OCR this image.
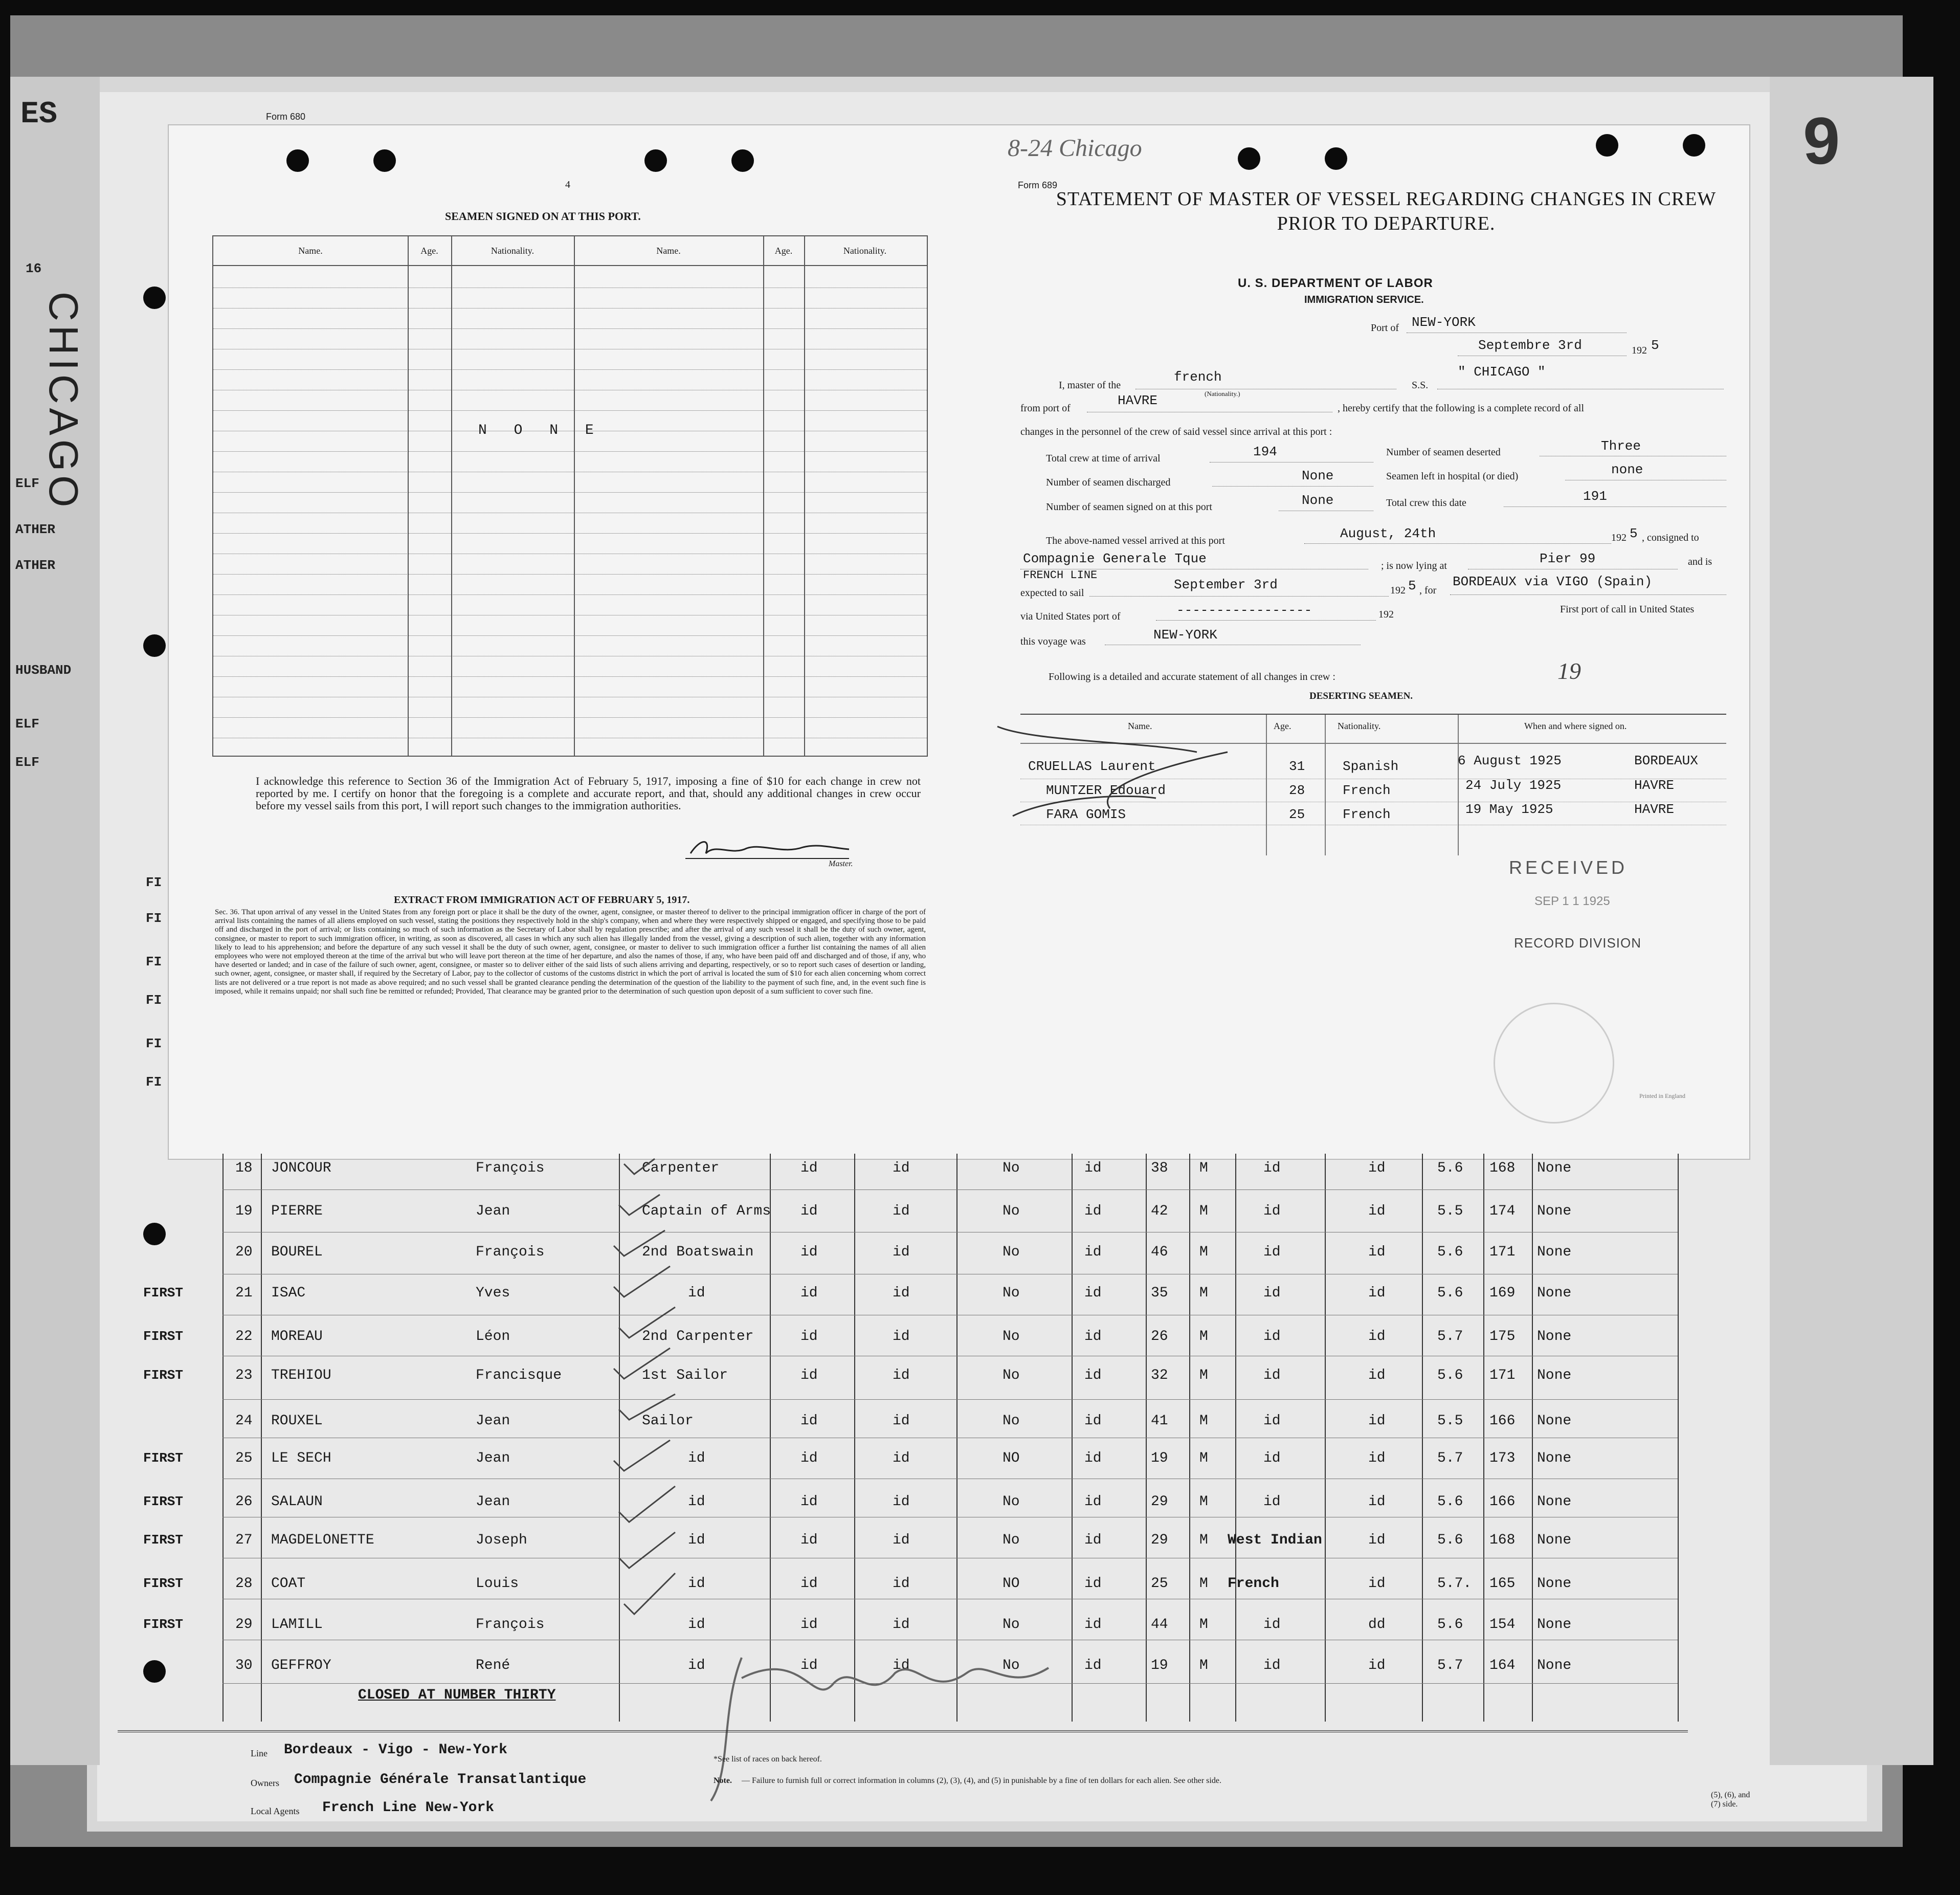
9
CHICAGO
ES
16
ELF
ATHER
ATHER
HUSBAND
ELF
ELF
FI
FI
FI
FI
FI
FI
Form 680
Form 689
4
8-24 Chicago
SEAMEN SIGNED ON AT THIS PORT.
Name.	Age.	Nationality.	Name.	Age.	Nationality.
N O N E
I acknowledge this reference to Section 36 of the Immigration Act of February 5, 1917, imposing a fine of $10 for each change in crew not reported by me. I certify on honor that the foregoing is a complete and accurate report, and that, should any additional changes in crew occur before my vessel sails from this port, I will report such changes to the immigration authorities.
Master.
EXTRACT FROM IMMIGRATION ACT OF FEBRUARY 5, 1917.
Sec. 36. That upon arrival of any vessel in the United States from any foreign port or place it shall be the duty of the owner, agent, consignee, or master thereof to deliver to the principal immigration officer in charge of the port of arrival lists containing the names of all aliens employed on such vessel, stating the positions they respectively hold in the ship's company, when and where they were respectively shipped or engaged, and specifying those to be paid off and discharged in the port of arrival; or lists containing so much of such information as the Secretary of Labor shall by regulation prescribe; and after the arrival of any such vessel it shall be the duty of such owner, agent, consignee, or master to report to such immigration officer, in writing, as soon as discovered, all cases in which any such alien has illegally landed from the vessel, giving a description of such alien, together with any information likely to lead to his apprehension; and before the departure of any such vessel it shall be the duty of such owner, agent, consignee, or master to deliver to such immigration officer a further list containing the names of all alien employees who were not employed thereon at the time of the arrival but who will leave port thereon at the time of her departure, and also the names of those, if any, who have been paid off and discharged and of those, if any, who have deserted or landed; and in case of the failure of such owner, agent, consignee, or master so to deliver either of the said lists of such aliens arriving and departing, respectively, or so to report such cases of desertion or landing, such owner, agent, consignee, or master shall, if required by the Secretary of Labor, pay to the collector of customs of the customs district in which the port of arrival is located the sum of $10 for each alien concerning whom correct lists are not delivered or a true report is not made as above required; and no such vessel shall be granted clearance pending the determination of the question of the liability to the payment of such fine, and, in the event such fine is imposed, while it remains unpaid; nor shall such fine be remitted or refunded; Provided, That clearance may be granted prior to the determination of such question upon deposit of a sum sufficient to cover such fine.
STATEMENT OF MASTER OF VESSEL REGARDING CHANGES IN CREW PRIOR TO DEPARTURE.
U. S. DEPARTMENT OF LABOR
IMMIGRATION SERVICE.
Port of NEW-YORK
Septembre 3rd	192 5
I, master of the
french
(Nationality.)
S.S.
" CHICAGO "
from port of	HAVRE	, hereby certify that the following is a complete record of all
changes in the personnel of the crew of said vessel since arrival at this port :
Total crew at time of arrival	194	Number of seamen deserted	Three
Number of seamen discharged	None	Seamen left in hospital (or died)	none
Number of seamen signed on at this port	None	Total crew this date	191
The above-named vessel arrived at this port	August, 24th	192 5 , consigned to
Compagnie Generale Tque	; is now lying at	Pier 99	and is
expected to sail
FRENCH LINE
September 3rd	192 5 , for
BORDEAUX via VIGO (Spain)
via United States port of	-----------------	192	First port of call in United States
this voyage was	NEW-YORK
Following is a detailed and accurate statement of all changes in crew :	19
DESERTING SEAMEN.
Name.	Age.	Nationality.	When and where signed on.
CRUELLAS Laurent	31	Spanish	6 August 1925	BORDEAUX
MUNTZER Edouard	28	French	24 July 1925	HAVRE
FARA GOMIS	25	French	19 May 1925	HAVRE
RECEIVED
SEP 1 1 1925
RECORD DIVISION
Printed in England
18 JONCOUR	François	Carpenter	id	id	No	id	38 M	id	id	5.6 168 None
19 PIERRE	Jean	Captain of Arms id	id	No	id	42 M	id	id	5.5 174 None
20 BOUREL	François	2nd Boatswain	id	id	No	id	46 M	id	id	5.6 171 None
FIRST	21 ISAC	Yves	id	id	id	No	id	35 M	id	id	5.6 169 None
FIRST	22 MOREAU	Léon	2nd Carpenter	id	id	No	id	26 M	id	id	5.7 175 None
FIRST	23 TREHIOU	Francisque	1st Sailor	id	id	No	id	32 M	id	id	5.6 171 None
24 ROUXEL	Jean	Sailor	id	id	No	id	41 M	id	id	5.5 166 None
FIRST	25 LE SECH	Jean	id	id	id	NO	id	19 M	id	id	5.7 173 None
FIRST	26 SALAUN	Jean	id	id	id	No	id	29 M	id	id	5.6 166 None
FIRST	27 MAGDELONETTE	Joseph	id	id	id	No	id	29 M West Indian	id	5.6 168 None
FIRST	28 COAT	Louis	id	id	id	NO	id	25 M French	id	5.7. 165 None
FIRST	29 LAMILL	François	id	id	id	No	id	44 M	id	dd	5.6 154 None
30 GEFFROY	René	id	id	id	No	id	19 M	id	id	5.7 164 None
CLOSED AT NUMBER THIRTY
Line Bordeaux - Vigo - New-York
Owners Compagnie Générale Transatlantique
Local Agents French Line New-York
*See list of races on back hereof.
Note. — Failure to furnish full or correct information in columns (2), (3), (4), and (5) in punishable by a fine of ten dollars for each alien. See other side.
(5), (6), and (7) side.
